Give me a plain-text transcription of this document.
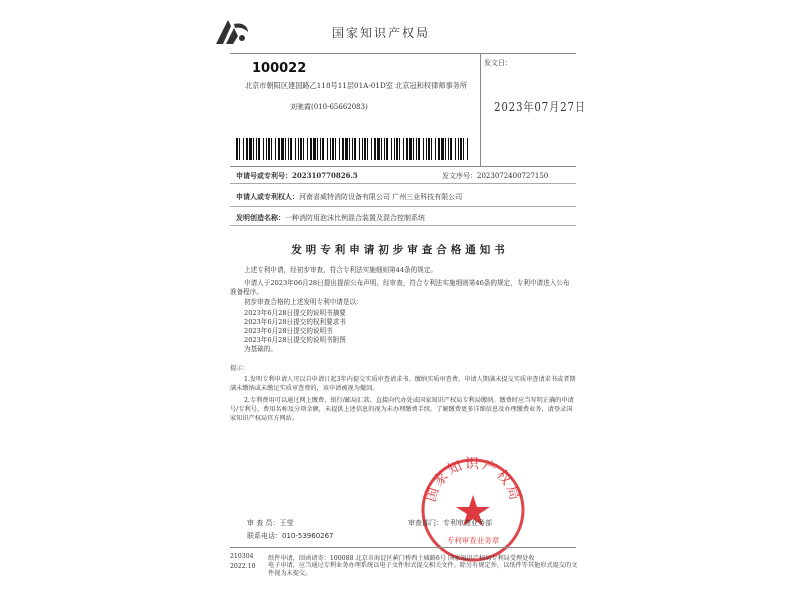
国家知识产权局
100022
北京市朝阳区建国路乙118号11层01A-01D室 北京冠和权律师事务所
刘驰霞(010-65662083)
发文日：
2023年07月27日
申请号或专利号：202310770826.5	发文序号：2023072400727150
申请人或专利权人：河南省威特消防设备有限公司 广州三业科技有限公司
发明创造名称：一种消防用泡沫比例混合装置及混合控制系统
发明专利申请初步审查合格通知书
上述专利申请，经初步审查，符合专利法实施细则第44条的规定。
申请人于2023年06月28日提出提前公布声明，经审查，符合专利法实施细则第46条的规定，专利申请进入公布准备程序。
初步审查合格的上述发明专利申请是以：
2023年6月28日提交的说明书摘要
2023年6月28日提交的权利要求书
2023年6月28日提交的说明书
2023年6月28日提交的说明书附图
为基础的。
提示：
1.发明专利申请人可以自申请日起3年内提交实质审查请求书、缴纳实质审查费，申请人期满未提交实质审查请求书或者期满未缴纳或未缴足实质审查费的，该申请被视为撤回。
2.专利费用可以通过网上缴费、银行/邮局汇款、直接向代办处或国家知识产权局专利局缴纳。缴费时应当写明正确的申请号/专利号、费用名称及分项金额，未提供上述信息的视为未办理缴费手续。了解缴费更多详细信息及办理缴费业务，请登录国家知识产权局官方网站。
国家知识产权局
专利审查业务章
审 查 员：王莹
联系电话：010-53960267
审查部门：专利审查业务部
210304
2022.10
纸件申请，回函请寄：100088 北京市海淀区蓟门桥西土城路6号 国家知识产权局专利局受理处收
电子申请，应当通过专利业务办理系统以电子文件形式提交相关文件。除另有规定外，以纸件等其他形式提交的文件视为未提交。
